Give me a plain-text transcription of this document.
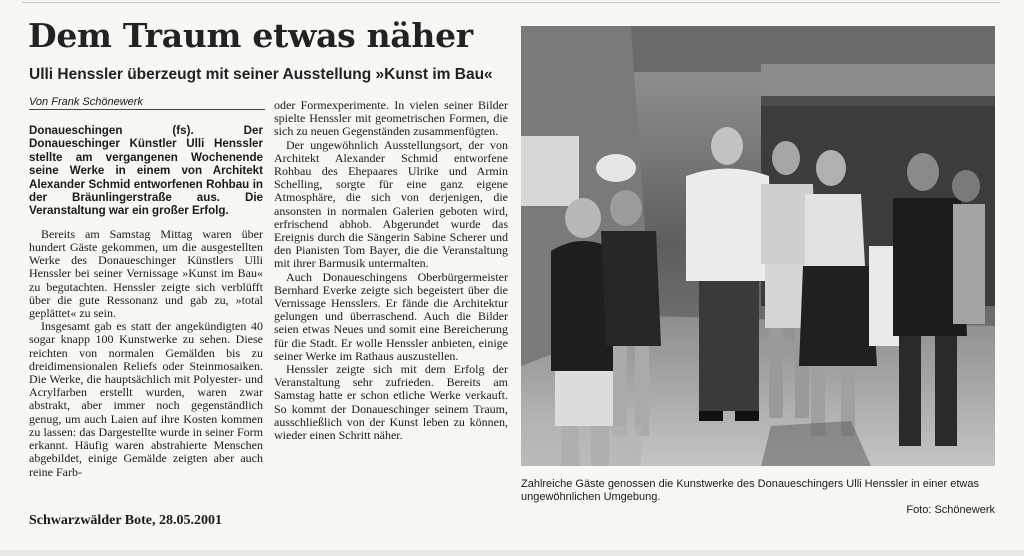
Dem Traum etwas näher
Ulli Henssler überzeugt mit seiner Ausstellung »Kunst im Bau«
Von Frank Schönewerk
Donaueschingen (fs). Der Donaueschinger Künstler Ulli Henssler stellte am vergangenen Wochenende seine Werke in einem von Architekt Alexander Schmid entworfenen Rohbau in der Bräunlingerstraße aus. Die Veranstaltung war ein großer Erfolg.

Bereits am Samstag Mittag waren über hundert Gäste gekommen, um die ausgestellten Werke des Donaueschinger Künstlers Ulli Henssler bei seiner Vernissage »Kunst im Bau« zu begutachten. Henssler zeigte sich verblüfft über die gute Ressonanz und gab zu, »total geplättet« zu sein.

Insgesamt gab es statt der angekündigten 40 sogar knapp 100 Kunstwerke zu sehen. Diese reichten von normalen Gemälden bis zu dreidimensionalen Reliefs oder Steinmosaiken. Die Werke, die hauptsächlich mit Polyester- und Acrylfarben erstellt wurden, waren zwar abstrakt, aber immer noch gegenständlich genug, um auch Laien auf ihre Kosten kommen zu lassen: das Dargestellte wurde in seiner Form erkannt. Häufig waren abstrahierte Menschen abgebildet, einige Gemälde zeigten aber auch reine Farb-

oder Formexperimente. In vielen seiner Bilder spielte Henssler mit geometrischen Formen, die sich zu neuen Gegenständen zusammenfügten.

Der ungewöhnlich Ausstellungsort, der von Architekt Alexander Schmid entworfene Rohbau des Ehepaares Ulrike und Armin Schelling, sorgte für eine ganz eigene Atmosphäre, die sich von derjenigen, die ansonsten in normalen Galerien geboten wird, erfrischend abhob. Abgerundet wurde das Ereignis durch die Sängerin Sabine Scherer und den Pianisten Tom Bayer, die die Veranstaltung mit ihrer Barmusik untermalten.

Auch Donaueschingens Oberbürgermeister Bernhard Everke zeigte sich begeistert über die Vernissage Hensslers. Er fände die Architektur gelungen und überraschend. Auch die Bilder seien etwas Neues und somit eine Bereicherung für die Stadt. Er wolle Henssler anbieten, einige seiner Werke im Rathaus auszustellen.

Henssler zeigte sich mit dem Erfolg der Veranstaltung sehr zufrieden. Bereits am Samstag hatte er schon etliche Werke verkauft. So kommt der Donaueschinger seinem Traum, ausschließlich von der Kunst leben zu können, wieder einen Schritt näher.

Zahlreiche Gäste genossen die Kunstwerke des Donaueschingers Ulli Henssler in einer etwas ungewöhnlichen Umgebung.
Foto: Schönewerk
Schwarzwälder Bote, 28.05.2001
